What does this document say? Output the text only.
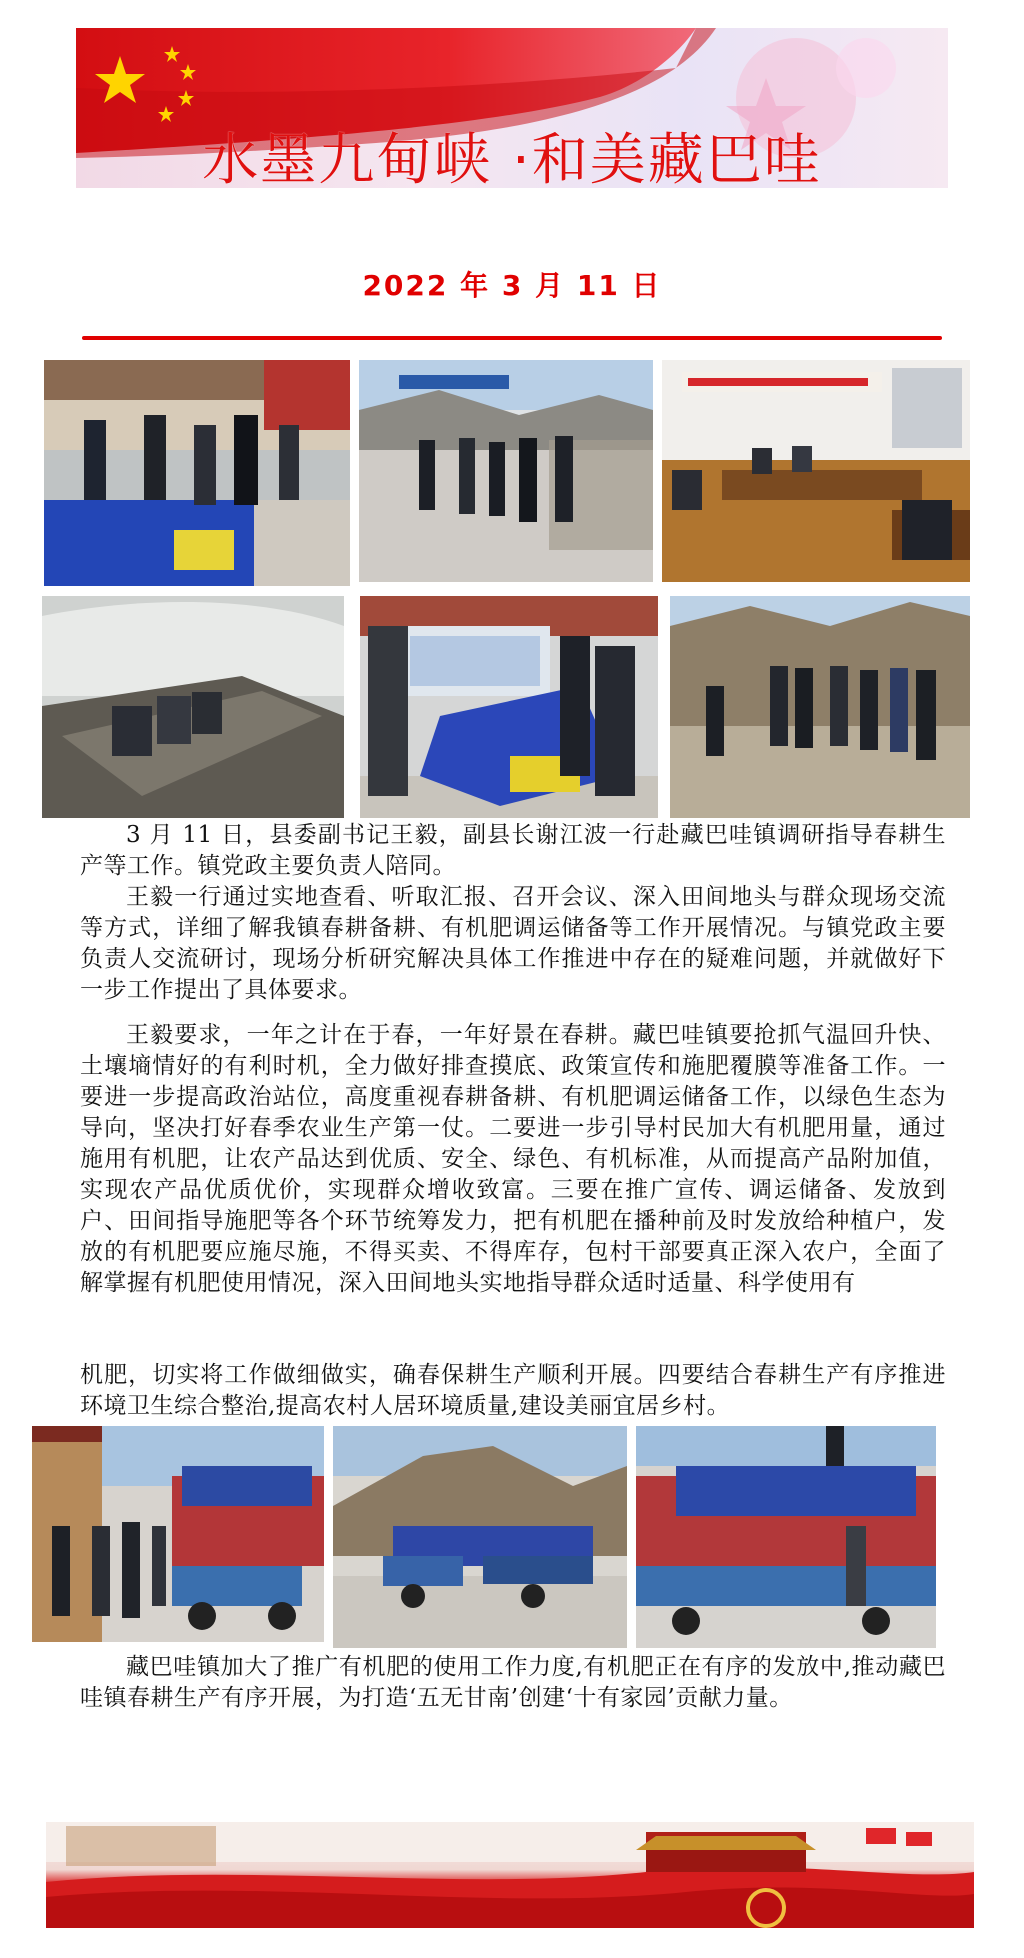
水墨九甸峡 ·和美藏巴哇
2022 年 3 月 11 日

3 月 11 日，县委副书记王毅，副县长谢江波一行赴藏巴哇镇调研指导春耕生产等工作。镇党政主要负责人陪同。

王毅一行通过实地查看、听取汇报、召开会议、深入田间地头与群众现场交流等方式，详细了解我镇春耕备耕、有机肥调运储备等工作开展情况。与镇党政主要负责人交流研讨，现场分析研究解决具体工作推进中存在的疑难问题，并就做好下一步工作提出了具体要求。

王毅要求，一年之计在于春，一年好景在春耕。藏巴哇镇要抢抓气温回升快、土壤墒情好的有利时机，全力做好排查摸底、政策宣传和施肥覆膜等准备工作。一要进一步提高政治站位，高度重视春耕备耕、有机肥调运储备工作，以绿色生态为导向，坚决打好春季农业生产第一仗。二要进一步引导村民加大有机肥用量，通过施用有机肥，让农产品达到优质、安全、绿色、有机标准，从而提高产品附加值，实现农产品优质优价，实现群众增收致富。三要在推广宣传、调运储备、发放到户、田间指导施肥等各个环节统筹发力，把有机肥在播种前及时发放给种植户，发放的有机肥要应施尽施，不得买卖、不得库存，包村干部要真正深入农户，全面了解掌握有机肥使用情况，深入田间地头实地指导群众适时适量、科学使用有

机肥，切实将工作做细做实，确春保耕生产顺利开展。四要结合春耕生产有序推进环境卫生综合整治,提高农村人居环境质量,建设美丽宜居乡村。

藏巴哇镇加大了推广有机肥的使用工作力度,有机肥正在有序的发放中,推动藏巴哇镇春耕生产有序开展，为打造‘五无甘南’创建‘十有家园’贡献力量。
